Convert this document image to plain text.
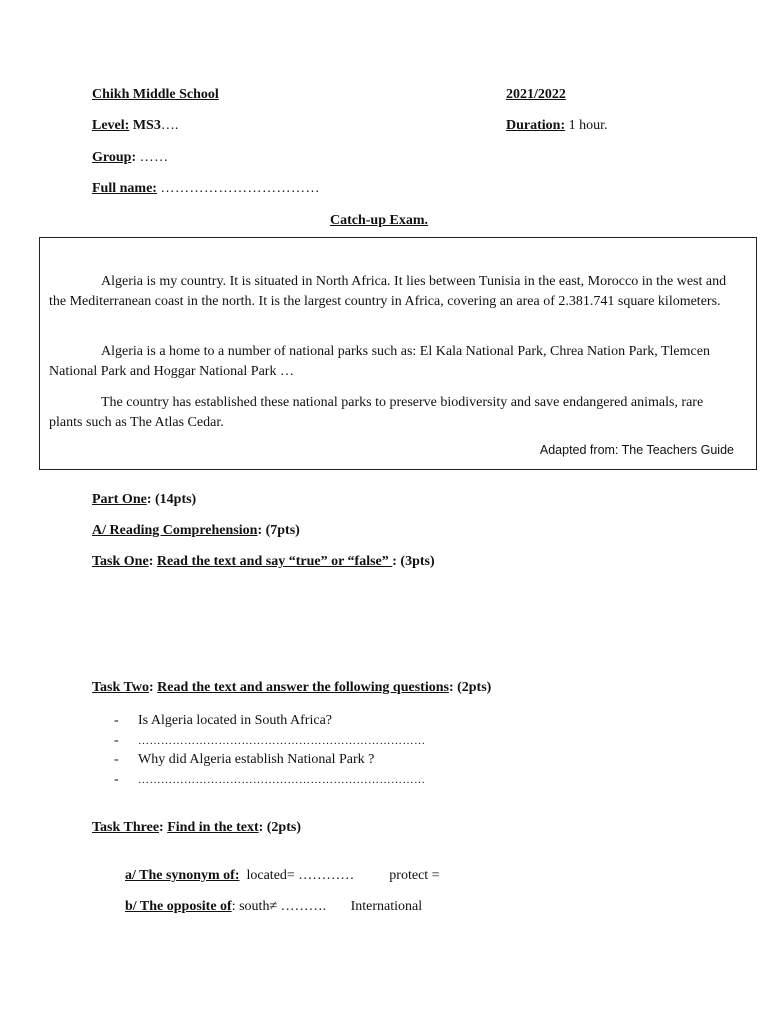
Chikh Middle School	2021/2022
Level: MS3….	Duration: 1 hour.
Group: ……
Full name: ……………………………
Catch-up Exam.

Algeria is my country. It is situated in North Africa. It lies between Tunisia in the east, Morocco in the west and the Mediterranean coast in the north. It is the largest country in Africa, covering an area of 2.381.741 square kilometers.

Algeria is a home to a number of national parks such as: El Kala National Park, Chrea Nation Park, Tlemcen National Park and Hoggar National Park …

The country has established these national parks to preserve biodiversity and save endangered animals, rare plants such as The Atlas Cedar.

Adapted from: The Teachers Guide
Part One: (14pts)
A/ Reading Comprehension: (7pts)
Task One: Read the text and say “true” or “false” : (3pts)
Task Two: Read the text and answer the following questions: (2pts)
- Is Algeria located in South Africa?
- …………………………………………………………………
- Why did Algeria establish National Park ?
- …………………………………………………………………
Task Three: Find in the text: (2pts)

a/ The synonym of: located= …………          protect =

b/ The opposite of: south≠ ……….       International
